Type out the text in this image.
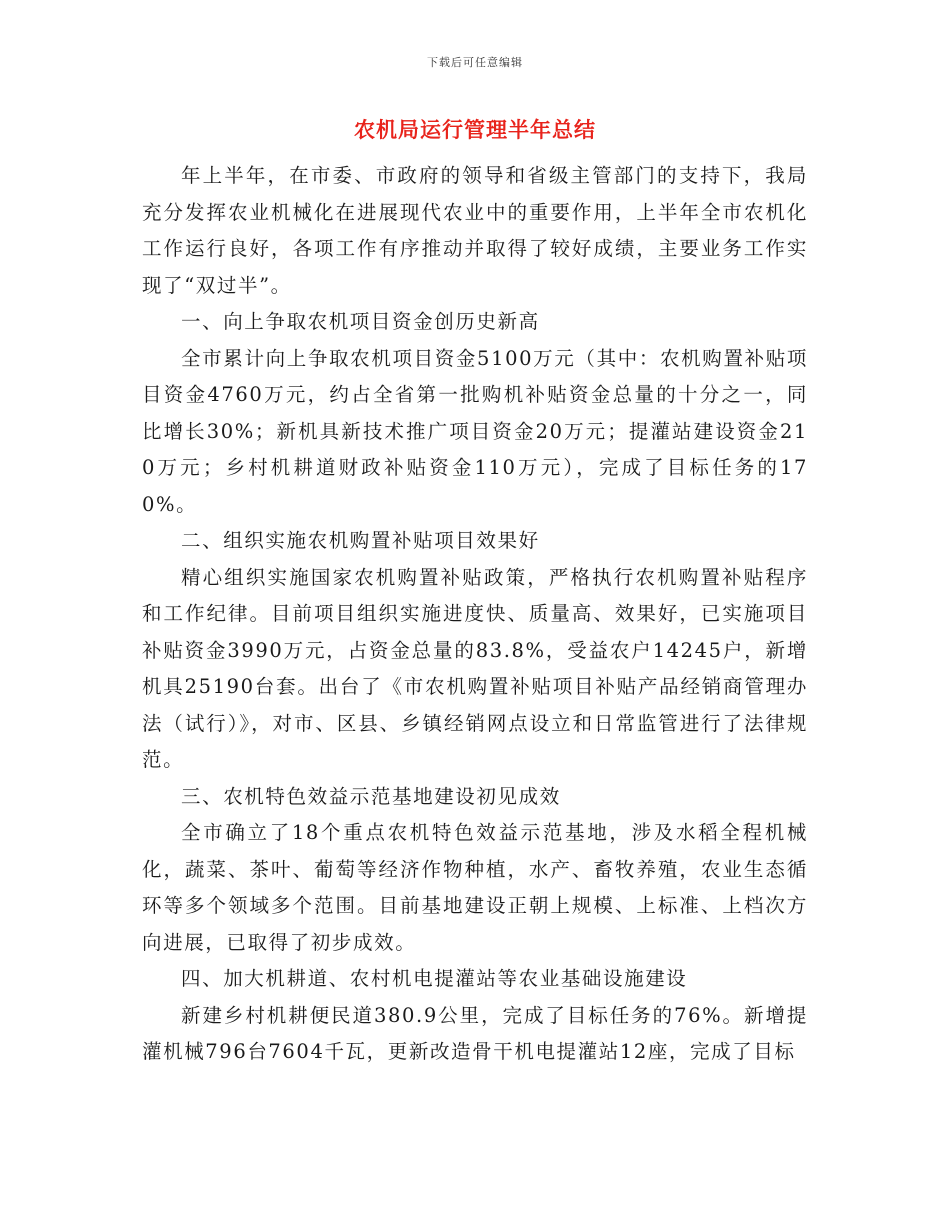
下载后可任意编辑
农机局运行管理半年总结

年上半年，在市委、市政府的领导和省级主管部门的支持下，我局充分发挥农业机械化在进展现代农业中的重要作用，上半年全市农机化工作运行良好，各项工作有序推动并取得了较好成绩，主要业务工作实现了“双过半”。

一、向上争取农机项目资金创历史新高

全市累计向上争取农机项目资金5100万元（其中：农机购置补贴项目资金4760万元，约占全省第一批购机补贴资金总量的十分之一，同比增长30%；新机具新技术推广项目资金20万元；提灌站建设资金210万元；乡村机耕道财政补贴资金110万元），完成了目标任务的170%。

二、组织实施农机购置补贴项目效果好

精心组织实施国家农机购置补贴政策，严格执行农机购置补贴程序和工作纪律。目前项目组织实施进度快、质量高、效果好，已实施项目补贴资金3990万元，占资金总量的83.8%，受益农户14245户，新增机具25190台套。出台了《市农机购置补贴项目补贴产品经销商管理办法（试行）》，对市、区县、乡镇经销网点设立和日常监管进行了法律规范。

三、农机特色效益示范基地建设初见成效

全市确立了18个重点农机特色效益示范基地，涉及水稻全程机械化，蔬菜、茶叶、葡萄等经济作物种植，水产、畜牧养殖，农业生态循环等多个领域多个范围。目前基地建设正朝上规模、上标准、上档次方向进展，已取得了初步成效。

四、加大机耕道、农村机电提灌站等农业基础设施建设

新建乡村机耕便民道380.9公里，完成了目标任务的76%。新增提灌机械796台7604千瓦，更新改造骨干机电提灌站12座，完成了目标
